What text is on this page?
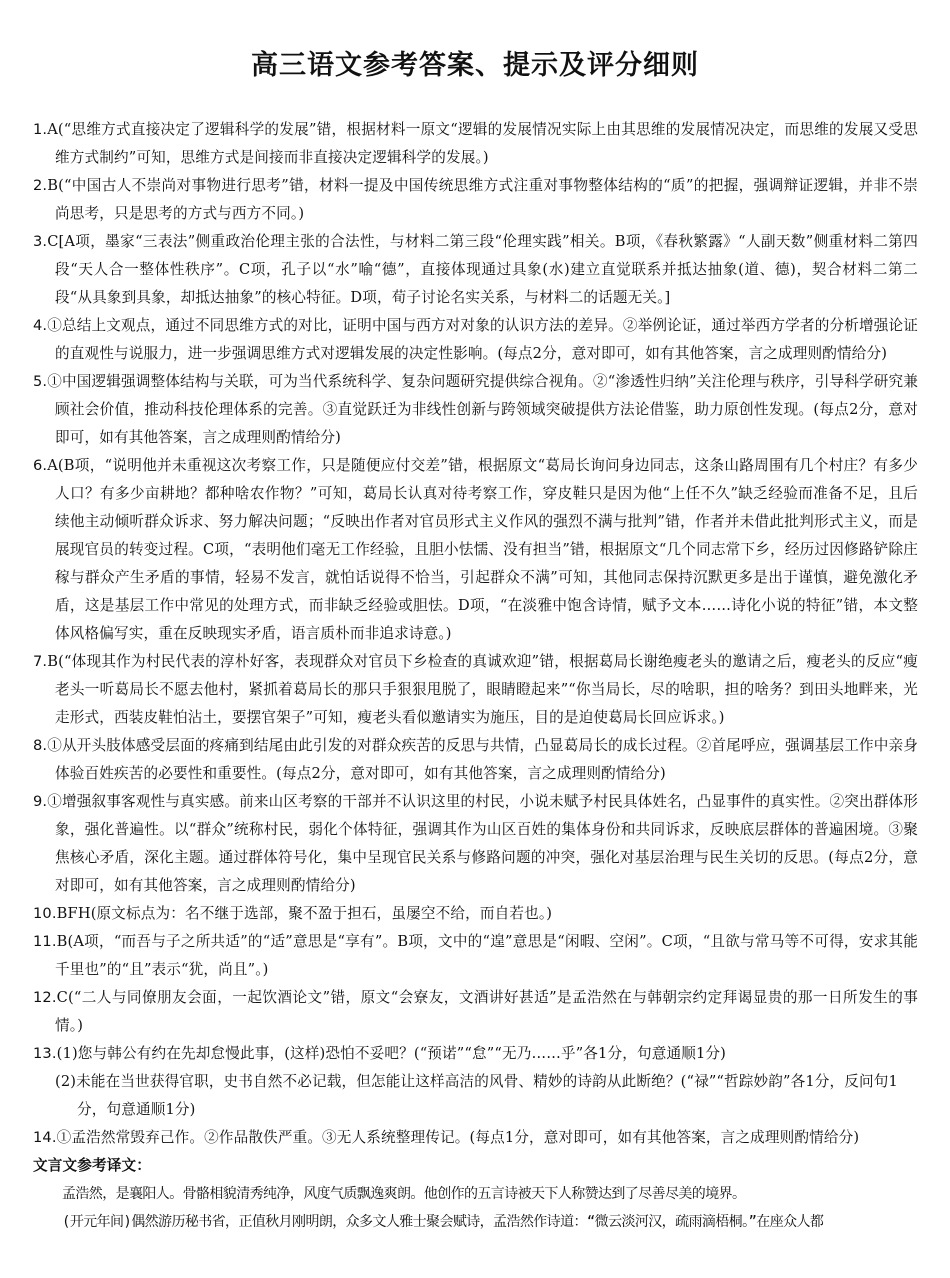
高三语文参考答案、提示及评分细则

1.A(“思维方式直接决定了逻辑科学的发展”错，根据材料一原文“逻辑的发展情况实际上由其思维的发展情况决定，而思维的发展又受思维方式制约”可知，思维方式是间接而非直接决定逻辑科学的发展。)

2.B(“中国古人不崇尚对事物进行思考”错，材料一提及中国传统思维方式注重对事物整体结构的“质”的把握，强调辩证逻辑，并非不崇尚思考，只是思考的方式与西方不同。)

3.C[A项，墨家“三表法”侧重政治伦理主张的合法性，与材料二第三段“伦理实践”相关。B项，《春秋繁露》“人副天数”侧重材料二第四段“天人合一整体性秩序”。C项，孔子以“水”喻“德”，直接体现通过具象(水)建立直觉联系并抵达抽象(道、德)，契合材料二第二段“从具象到具象，却抵达抽象”的核心特征。D项，荀子讨论名实关系，与材料二的话题无关。]

4.①总结上文观点，通过不同思维方式的对比，证明中国与西方对对象的认识方法的差异。②举例论证，通过举西方学者的分析增强论证的直观性与说服力，进一步强调思维方式对逻辑发展的决定性影响。(每点2分，意对即可，如有其他答案，言之成理则酌情给分)

5.①中国逻辑强调整体结构与关联，可为当代系统科学、复杂问题研究提供综合视角。②“渗透性归纳”关注伦理与秩序，引导科学研究兼顾社会价值，推动科技伦理体系的完善。③直觉跃迁为非线性创新与跨领域突破提供方法论借鉴，助力原创性发现。(每点2分，意对即可，如有其他答案，言之成理则酌情给分)

6.A(B项，“说明他并未重视这次考察工作，只是随便应付交差”错，根据原文“葛局长询问身边同志，这条山路周围有几个村庄？有多少人口？有多少亩耕地？都种啥农作物？”可知，葛局长认真对待考察工作，穿皮鞋只是因为他“上任不久”缺乏经验而准备不足，且后续他主动倾听群众诉求、努力解决问题；“反映出作者对官员形式主义作风的强烈不满与批判”错，作者并未借此批判形式主义，而是展现官员的转变过程。C项，“表明他们毫无工作经验，且胆小怯懦、没有担当”错，根据原文“几个同志常下乡，经历过因修路铲除庄稼与群众产生矛盾的事情，轻易不发言，就怕话说得不恰当，引起群众不满”可知，其他同志保持沉默更多是出于谨慎，避免激化矛盾，这是基层工作中常见的处理方式，而非缺乏经验或胆怯。D项，“在淡雅中饱含诗情，赋予文本……诗化小说的特征”错，本文整体风格偏写实，重在反映现实矛盾，语言质朴而非追求诗意。)

7.B(“体现其作为村民代表的淳朴好客，表现群众对官员下乡检查的真诚欢迎”错，根据葛局长谢绝瘦老头的邀请之后，瘦老头的反应“瘦老头一听葛局长不愿去他村，紧抓着葛局长的那只手狠狠甩脱了，眼睛瞪起来”“你当局长，尽的啥职，担的啥务？到田头地畔来，光走形式，西装皮鞋怕沾土，要摆官架子”可知，瘦老头看似邀请实为施压，目的是迫使葛局长回应诉求。)

8.①从开头肢体感受层面的疼痛到结尾由此引发的对群众疾苦的反思与共情，凸显葛局长的成长过程。②首尾呼应，强调基层工作中亲身体验百姓疾苦的必要性和重要性。(每点2分，意对即可，如有其他答案，言之成理则酌情给分)

9.①增强叙事客观性与真实感。前来山区考察的干部并不认识这里的村民，小说未赋予村民具体姓名，凸显事件的真实性。②突出群体形象，强化普遍性。以“群众”统称村民，弱化个体特征，强调其作为山区百姓的集体身份和共同诉求，反映底层群体的普遍困境。③聚焦核心矛盾，深化主题。通过群体符号化，集中呈现官民关系与修路问题的冲突，强化对基层治理与民生关切的反思。(每点2分，意对即可，如有其他答案，言之成理则酌情给分)

10.BFH(原文标点为：名不继于选部，聚不盈于担石，虽屡空不给，而自若也。)

11.B(A项，“而吾与子之所共适”的“适”意思是“享有”。B项，文中的“遑”意思是“闲暇、空闲”。C项，“且欲与常马等不可得，安求其能千里也”的“且”表示“犹，尚且”。)

12.C(“二人与同僚朋友会面，一起饮酒论文”错，原文“会寮友，文酒讲好甚适”是孟浩然在与韩朝宗约定拜谒显贵的那一日所发生的事情。)

13.(1)您与韩公有约在先却怠慢此事，(这样)恐怕不妥吧？(“预诺”“怠”“无乃……乎”各1分，句意通顺1分)

(2)未能在当世获得官职，史书自然不必记载，但怎能让这样高洁的风骨、精妙的诗韵从此断绝？(“禄”“哲踪妙韵”各1分，反问句1分，句意通顺1分)

14.①孟浩然常毁弃己作。②作品散佚严重。③无人系统整理传记。(每点1分，意对即可，如有其他答案，言之成理则酌情给分)

文言文参考译文：

孟浩然，是襄阳人。骨骼相貌清秀纯净，风度气质飘逸爽朗。他创作的五言诗被天下人称赞达到了尽善尽美的境界。

(开元年间)偶然游历秘书省，正值秋月刚明朗，众多文人雅士聚会赋诗，孟浩然作诗道：“微云淡河汉，疏雨滴梧桐。”在座众人都
